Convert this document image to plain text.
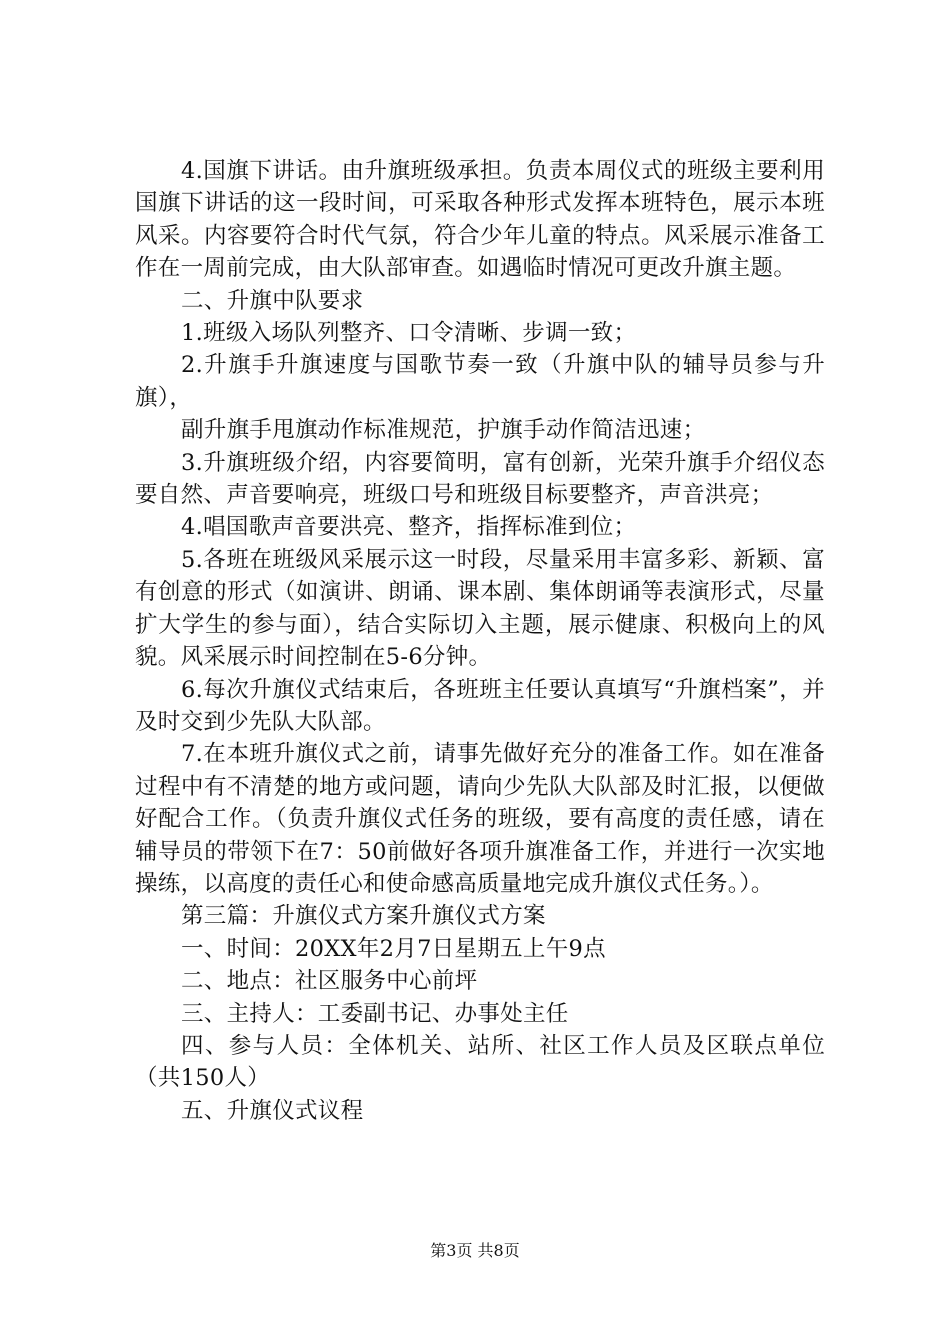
4.国旗下讲话。由升旗班级承担。负责本周仪式的班级主要利用国旗下讲话的这一段时间，可采取各种形式发挥本班特色，展示本班风采。内容要符合时代气氛，符合少年儿童的特点。风采展示准备工作在一周前完成，由大队部审查。如遇临时情况可更改升旗主题。

二、升旗中队要求

1.班级入场队列整齐、口令清晰、步调一致；

2.升旗手升旗速度与国歌节奏一致（升旗中队的辅导员参与升旗），

副升旗手甩旗动作标准规范，护旗手动作简洁迅速；

3.升旗班级介绍，内容要简明，富有创新，光荣升旗手介绍仪态要自然、声音要响亮，班级口号和班级目标要整齐，声音洪亮；

4.唱国歌声音要洪亮、整齐，指挥标准到位；

5.各班在班级风采展示这一时段，尽量采用丰富多彩、新颖、富有创意的形式（如演讲、朗诵、课本剧、集体朗诵等表演形式，尽量扩大学生的参与面），结合实际切入主题，展示健康、积极向上的风貌。风采展示时间控制在5-6分钟。

6.每次升旗仪式结束后，各班班主任要认真填写“升旗档案”，并及时交到少先队大队部。

7.在本班升旗仪式之前，请事先做好充分的准备工作。如在准备过程中有不清楚的地方或问题，请向少先队大队部及时汇报，以便做好配合工作。（负责升旗仪式任务的班级，要有高度的责任感，请在辅导员的带领下在7：50前做好各项升旗准备工作，并进行一次实地操练，以高度的责任心和使命感高质量地完成升旗仪式任务。）。

第三篇：升旗仪式方案升旗仪式方案

一、时间：20XX年2月7日星期五上午9点

二、地点：社区服务中心前坪

三、主持人：工委副书记、办事处主任

四、参与人员：全体机关、站所、社区工作人员及区联点单位（共150人）

五、升旗仪式议程

第3页 共8页
